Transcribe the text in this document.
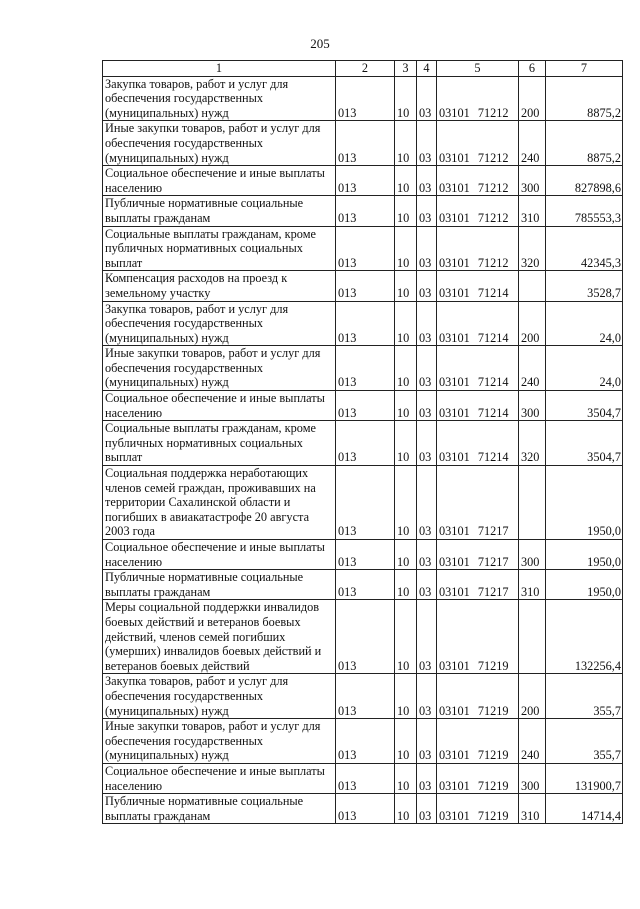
205
1	2	3	4	5	6	7
Закупка товаров, работ и услуг для обеспечения государственных (муниципальных) нужд	013	10	03	03101 71212	200	8875,2
Иные закупки товаров, работ и услуг для обеспечения государственных (муниципальных) нужд	013	10	03	03101 71212	240	8875,2
Социальное обеспечение и иные выплаты населению	013	10	03	03101 71212	300	827898,6
Публичные нормативные социальные выплаты гражданам	013	10	03	03101 71212	310	785553,3
Социальные выплаты гражданам, кроме публичных нормативных социальных выплат	013	10	03	03101 71212	320	42345,3
Компенсация расходов на проезд к земельному участку	013	10	03	03101 71214		3528,7
Закупка товаров, работ и услуг для обеспечения государственных (муниципальных) нужд	013	10	03	03101 71214	200	24,0
Иные закупки товаров, работ и услуг для обеспечения государственных (муниципальных) нужд	013	10	03	03101 71214	240	24,0
Социальное обеспечение и иные выплаты населению	013	10	03	03101 71214	300	3504,7
Социальные выплаты гражданам, кроме публичных нормативных социальных выплат	013	10	03	03101 71214	320	3504,7
Социальная поддержка неработающих членов семей граждан, проживавших на территории Сахалинской области и погибших в авиакатастрофе 20 августа 2003 года	013	10	03	03101 71217		1950,0
Социальное обеспечение и иные выплаты населению	013	10	03	03101 71217	300	1950,0
Публичные нормативные социальные выплаты гражданам	013	10	03	03101 71217	310	1950,0
Меры социальной поддержки инвалидов боевых действий и ветеранов боевых действий, членов семей погибших (умерших) инвалидов боевых действий и ветеранов боевых действий	013	10	03	03101 71219		132256,4
Закупка товаров, работ и услуг для обеспечения государственных (муниципальных) нужд	013	10	03	03101 71219	200	355,7
Иные закупки товаров, работ и услуг для обеспечения государственных (муниципальных) нужд	013	10	03	03101 71219	240	355,7
Социальное обеспечение и иные выплаты населению	013	10	03	03101 71219	300	131900,7
Публичные нормативные социальные выплаты гражданам	013	10	03	03101 71219	310	14714,4
